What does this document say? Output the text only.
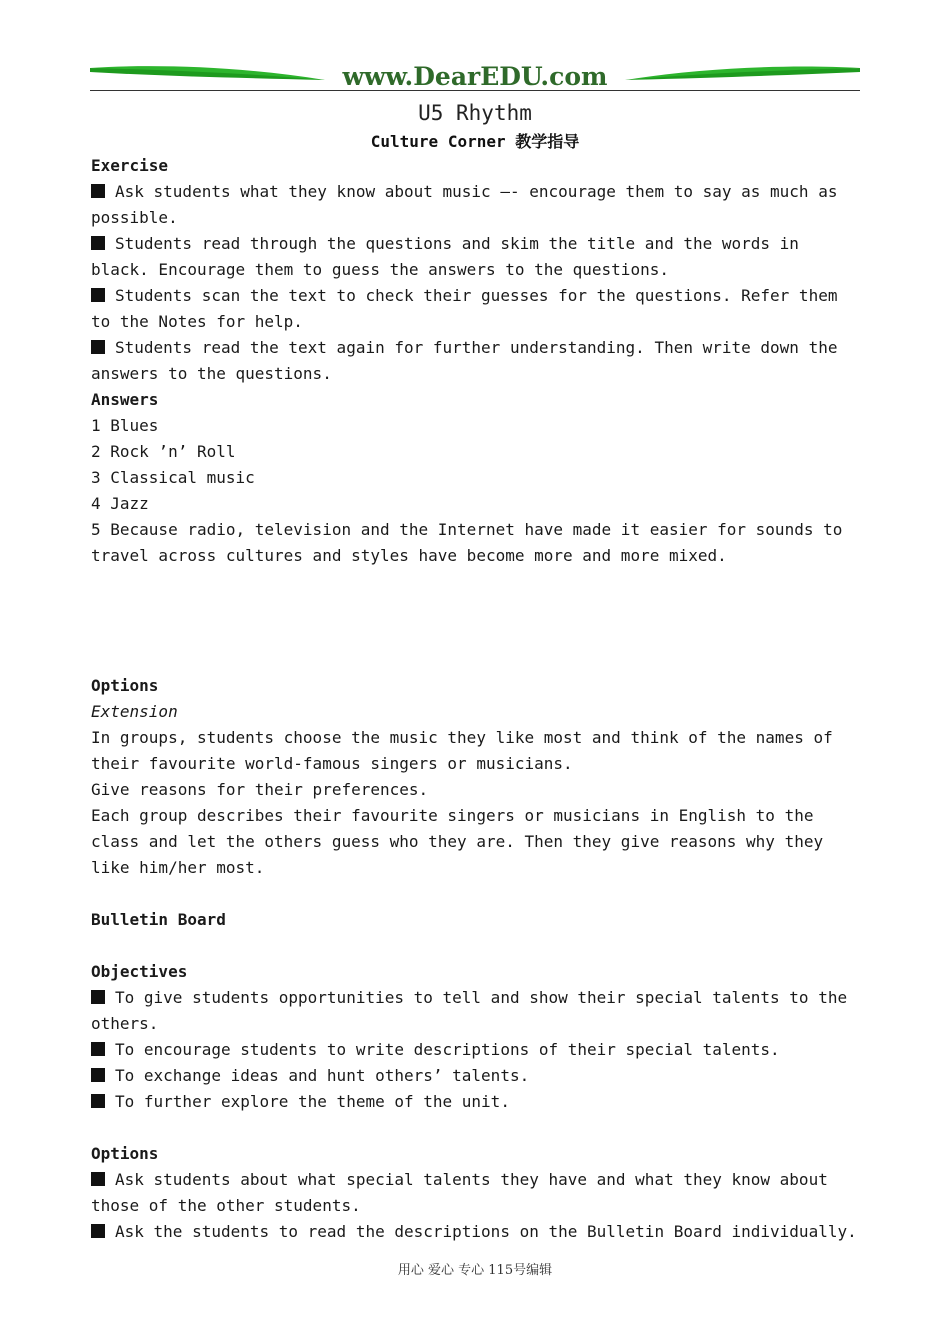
www.DearEDU.com
U5 Rhythm
Culture Corner 教学指导
Exercise
Ask students what they know about music —- encourage them to say as much as
possible.
Students read through the questions and skim the title and the words in
black. Encourage them to guess the answers to the questions.
Students scan the text to check their guesses for the questions. Refer them
to the Notes for help.
Students read the text again for further understanding. Then write down the
answers to the questions.
Answers
1 Blues
2 Rock ’n’ Roll
3 Classical music
4 Jazz
5 Because radio, television and the Internet have made it easier for sounds to
travel across cultures and styles have become more and more mixed.
Options
Extension
In groups, students choose the music they like most and think of the names of
their favourite world-famous singers or musicians.
Give reasons for their preferences.
Each group describes their favourite singers or musicians in English to the
class and let the others guess who they are. Then they give reasons why they
like him/her most.
Bulletin Board
Objectives
To give students opportunities to tell and show their special talents to the
others.
To encourage students to write descriptions of their special talents.
To exchange ideas and hunt others’ talents.
To further explore the theme of the unit.
Options
Ask students about what special talents they have and what they know about
those of the other students.
Ask the students to read the descriptions on the Bulletin Board individually.
用心 爱心 专心 115号编辑
